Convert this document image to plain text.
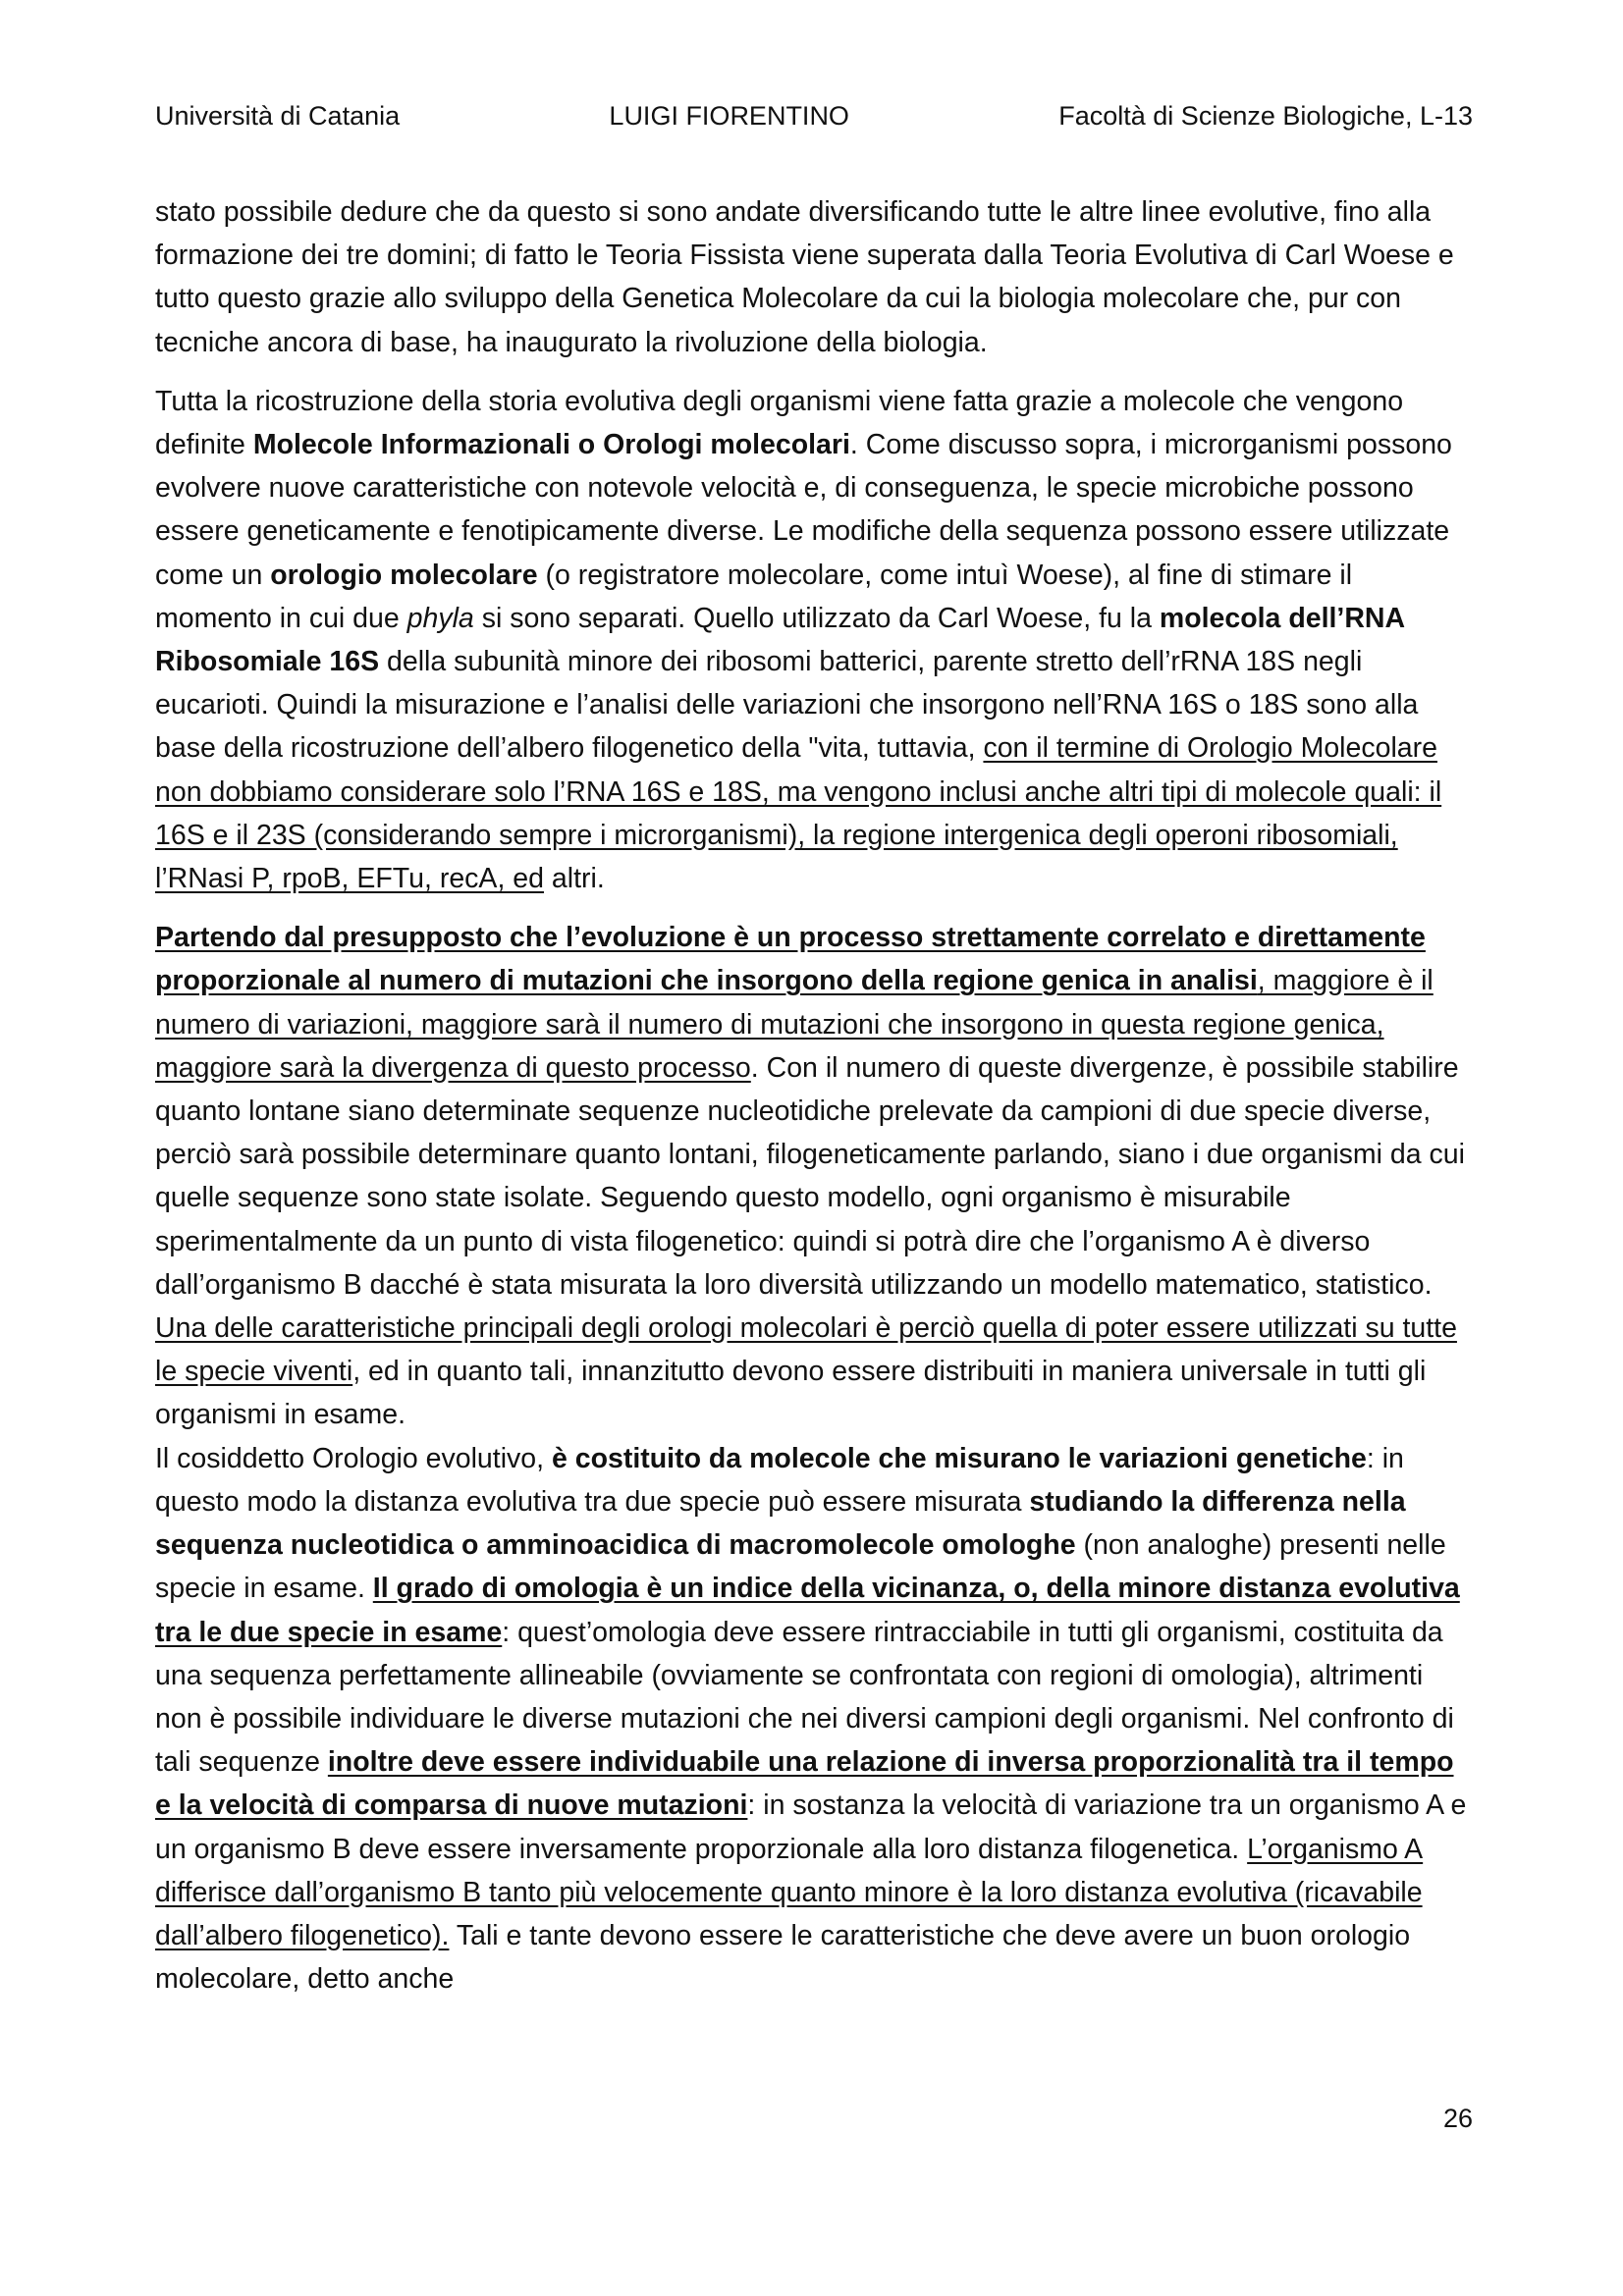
Università di Catania	LUIGI FIORENTINO	Facoltà di Scienze Biologiche, L-13

stato possibile dedure che da questo si sono andate diversificando tutte le altre linee evolutive, fino alla formazione dei tre domini; di fatto le Teoria Fissista viene superata dalla Teoria Evolutiva di Carl Woese e tutto questo grazie allo sviluppo della Genetica Molecolare da cui la biologia molecolare che, pur con tecniche ancora di base, ha inaugurato la rivoluzione della biologia.

Tutta la ricostruzione della storia evolutiva degli organismi viene fatta grazie a molecole che vengono definite Molecole Informazionali o Orologi molecolari. Come discusso sopra, i microrganismi possono evolvere nuove caratteristiche con notevole velocità e, di conseguenza, le specie microbiche possono essere geneticamente e fenotipicamente diverse. Le modifiche della sequenza possono essere utilizzate come un orologio molecolare (o registratore molecolare, come intuì Woese), al fine di stimare il momento in cui due phyla si sono separati. Quello utilizzato da Carl Woese, fu la molecola dell’RNA Ribosomiale 16S della subunità minore dei ribosomi batterici, parente stretto dell’rRNA 18S negli eucarioti. Quindi la misurazione e l’analisi delle variazioni che insorgono nell’RNA 16S o 18S sono alla base della ricostruzione dell’albero filogenetico della "vita, tuttavia, con il termine di Orologio Molecolare non dobbiamo considerare solo l’RNA 16S e 18S, ma vengono inclusi anche altri tipi di molecole quali: il 16S e il 23S (considerando sempre i microrganismi), la regione intergenica degli operoni ribosomiali, l’RNasi P, rpoB, EFTu, recA, ed altri.

Partendo dal presupposto che l’evoluzione è un processo strettamente correlato e direttamente proporzionale al numero di mutazioni che insorgono della regione genica in analisi, maggiore è il numero di variazioni, maggiore sarà il numero di mutazioni che insorgono in questa regione genica, maggiore sarà la divergenza di questo processo. Con il numero di queste divergenze, è possibile stabilire quanto lontane siano determinate sequenze nucleotidiche prelevate da campioni di due specie diverse, perciò sarà possibile determinare quanto lontani, filogeneticamente parlando, siano i due organismi da cui quelle sequenze sono state isolate. Seguendo questo modello, ogni organismo è misurabile sperimentalmente da un punto di vista filogenetico: quindi si potrà dire che l’organismo A è diverso dall’organismo B dacché è stata misurata la loro diversità utilizzando un modello matematico, statistico. Una delle caratteristiche principali degli orologi molecolari è perciò quella di poter essere utilizzati su tutte le specie viventi, ed in quanto tali, innanzitutto devono essere distribuiti in maniera universale in tutti gli organismi in esame.

Il cosiddetto Orologio evolutivo, è costituito da molecole che misurano le variazioni genetiche: in questo modo la distanza evolutiva tra due specie può essere misurata studiando la differenza nella sequenza nucleotidica o amminoacidica di macromolecole omologhe (non analoghe) presenti nelle specie in esame. Il grado di omologia è un indice della vicinanza, o, della minore distanza evolutiva tra le due specie in esame: quest’omologia deve essere rintracciabile in tutti gli organismi, costituita da una sequenza perfettamente allineabile (ovviamente se confrontata con regioni di omologia), altrimenti non è possibile individuare le diverse mutazioni che nei diversi campioni degli organismi. Nel confronto di tali sequenze inoltre deve essere individuabile una relazione di inversa proporzionalità tra il tempo e la velocità di comparsa di nuove mutazioni: in sostanza la velocità di variazione tra un organismo A e un organismo B deve essere inversamente proporzionale alla loro distanza filogenetica. L’organismo A differisce dall’organismo B tanto più velocemente quanto minore è la loro distanza evolutiva (ricavabile dall’albero filogenetico). Tali e tante devono essere le caratteristiche che deve avere un buon orologio molecolare, detto anche

26
